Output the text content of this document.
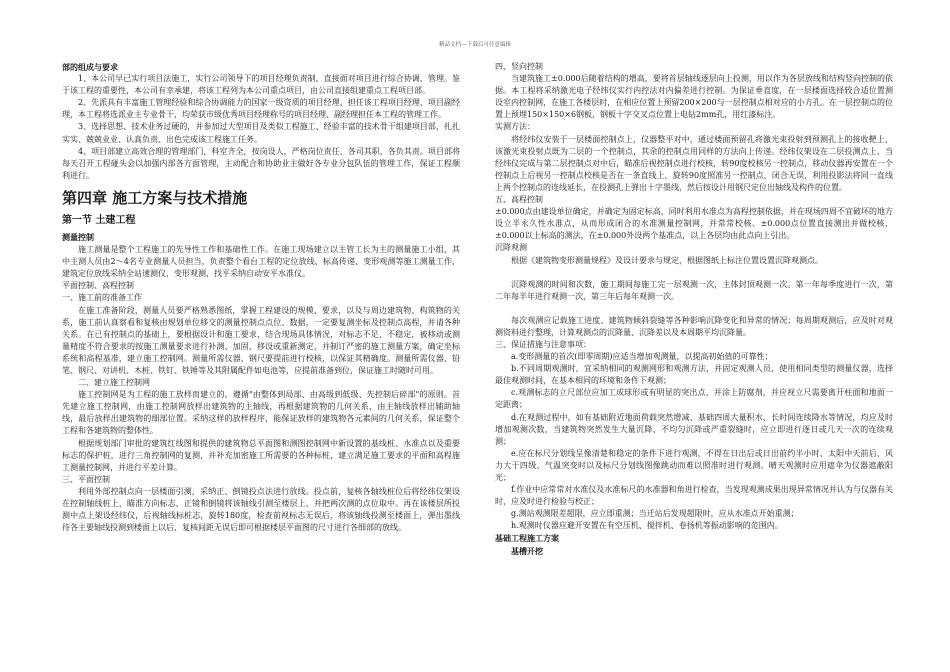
精品文档---下载后可任意编辑

部的组成与要求

1、本公司早已实行项目法施工，实行公司领导下的项目经理负责制，直接面对项目进行综合协调、管理。鉴于该工程的重要性，本公司有幸承建，将该工程列为本公司重点项目，由公司直接组建重点工程项目部。

2、先派具有丰富施工管理经验和综合协调能力的国家一级资质的项目经理，担任该工程项目经理、项目副经理，本工程将选派业主专业骨干，均荣获市级优秀项目经理称号的项目经理、副经理担任本工程的管理工作。

3、选择思想、技术业务过硬的，并参加过大型项目及类似工程施工、经验丰富的技术骨干组建项目部，扎扎实实、兢兢业业、认真负责、出色完成该工程施工任务。

4、项目部建立高效合理的管理部门，科室齐全，按岗设人，严格岗位责任，各司其职，各负其责。项目部将每天召开工程碰头会以加强内部各方面管理，主动配合和协助业主做好各专业分包队伍的管理工作，保证工程顺利进行。

第四章 施工方案与技术措施
第一节 土建工程

测量控制

施工测量是整个工程施工的先导性工作和基础性工作。在施工现场建立以主管工长为主的测量施工小组，其中主测人员由2～4名专业测量人员担当，负责整个看台工程的定位放线、标高传递、变形观测等施工测量工作，建筑定位放线采纳全站速测仪，变形观测，找平采纳自动安平水准仪。

平面控制、高程控制

一、施工前的准备工作

在施工准备阶段，测量人员要严格熟悉图纸，掌握工程建设的规模、要求，以及与周边建筑物、构筑物的关系，施工前认真察看和复核由规划单位移交的测量控制点点位、数据，一定要复测坐标及控制点高程，并请各种关系。在已有控制点的基础上，要根据设计和施工要求，结合现场具体情况，对标志不足、不稳定，被移动或测量精度不符合要求的按施工测量要求进行补测、加固、移设或重新测定，并制订严密的施工测量方案，确定坐标系统和高程基准，建立施工控制网。测量所需仪器、钢尺要提前进行校核，以保证其精确度。测量所需仪器、铅笔、钢尺、对讲机、木桩、铁钉、铁锤等及其附属配件如电池等，应提前准备到位，保证施工时随时可用。

二、建立施工控制网

施工控制网是为工程的施工放样而建立的。遵循"由整体到局部、由高级到低级、先控制后碎部"的原则。首先建立施工控制网，由施工控制网放样出建筑物的主轴线，再根据建筑物的几何关系，由主轴线放样出辅助轴线，最后放样出建筑物的细部位置。采纳这样的放样程序，能保证放样的建筑物各元素间的几何关系，保证整个工程和各建筑物的整体性。

根据规划部门审批的建筑红线图和提供的建筑物总平面图和测图控制网中新设置的基线桩、水准点以及重要标志的保护桩，进行三角控制网的复测，并补充加密施工所需要的各种标桩，建立满足施工要求的平面和高程施工测量控制网，并进行平差计算。

三、平面控制

利用外部控制点向一层楼面引测，采纳正、倒镜投点法进行放线。投点前，复核各轴线桩位后将经纬仪架设在控制轴线桩上，瞄准方向标志，正镜和倒镜将该轴线引测至楼层上，并把两次测的点位取中。再在该楼层所投测中点上架设经纬仪，后视轴线标桩志，旋转180度，检查前视标志无误后，将该轴线投测至楼面上，弹出墨线待各主要轴线投测到楼面上以后，复核间距无误后即可根据楼层平面图的尺寸进行各细部的放线。

四、竖向控制

当建筑施工±0.000后随着结构的增高，要将首层轴线逐层向上投测，用以作为各层放线和结构竖向控制的依据。本工程将采纳激光电子经纬仪实行内控法对内偏差进行控制。为保证垂直度，在一层楼面选择较合适位置测设室内控制网，在施工各楼层时，在相应位置上预留200×200与一层控制点相对应的小方孔。在一层控制点的位置上预埋150×150×6钢板，钢板十字交叉点位置上电钻2mm孔，用红漆标注。

实测方法：

将经纬仪安装于一层楼面控制点上，仪器整平对中，通过楼面预留孔将激光束投射到预测孔上的接收靶上，该激光束投射点既为二层的一个控制点，其余的控制点用同样的方法向上传递。经纬仪架设在二层投测点上，当经纬仪完成与第二层控制点对中后，瞄准后视控制点进行校核，转90度校核另一控制点，移动仪器再安置在一个控制点上后视另一控制点校核是否在一条直线上，旋转90度照准另一控制点，闭合无误，利用投影法将同一直线上两个控制点的连线延长，在投测孔上弹出十字墨线，然后按设计用钢尺定位出轴线及构件的位置。

五、高程控制

±0.000点由建设单位确定，并确定为固定标高，同时利用水准点为高程控制依据，并在现场四周不宜破坏的地方设立半永久性水准点，从而形成闭合的水准测量控制网，并常常校核。±0.000点位置直接测出并做校核，±0.000以上标高的测法，在±0.000外设两个基准点，以上各层均由此点向上引出。

沉降观测

根据《建筑物变形测量规程》及设计要求与规定，根据图纸上标注位置设置沉降观测点。

沉降观测的时间和次数，施工期间每施工完一层观测一次，主体封顶观测一次。第一年每季度进行一次，第二年每半年进行观测一次，第三年后每年观测一次。

每次观测应记载施工进度、建筑物倾斜裂缝等各种影响沉降变化和异常的情况；每周期观测后，应及时对观测资料进行整理，计算观测点的沉降量、沉降差以及本周期平均沉降量。

三、保证措施与注意事项：

a.变形测量的首次(即零周期)应适当增加观测量，以提高初始值的可靠性；

b.不同周期观测时，宜采纳相同的观测网形和观测方法，并固定观测人员，使用相同类型的测量仪器，选择最佳观测时间，在基本相同的环境和条件下观测；

c.观测标志的立尺部位应加工成球形或有明显的突出点，并涂上防腐剂，并应视立尺需要离开柱面和地面一定距离；

d.在观测过程中，如有基础附近地面荷载突然增减、基础四周大量积水、长时间连续降水等情况，均应及时增加观测次数，当建筑物突然发生大量沉降、不均匀沉降或严重裂缝时，应立即进行逐日或几天一次的连续观测；

e.应在标尺分划线呈像清楚和稳定的条件下进行观测，不得在日出后或日出前约半小时、太阳中天前后，风力大于四级、气温突变时以及标尺分划线图像跳动而难以照准时进行观测。晴天观测时应用遮伞为仪器遮蔽阳光；

f.作业中应常常对水准仪及水准标尺的水准器和角进行检查，当发现观测成果出现异常情况并认为与仪器有关时，应及时进行检验与校正；

g.测站观测限差超限，应立即重测；当迁站后发现超限时，应从水准点开始重测；

h.观测时仪器应避开安置在有空压机、搅拌机、卷扬机等振动影响的范围内。

基础工程施工方案

基槽开挖
